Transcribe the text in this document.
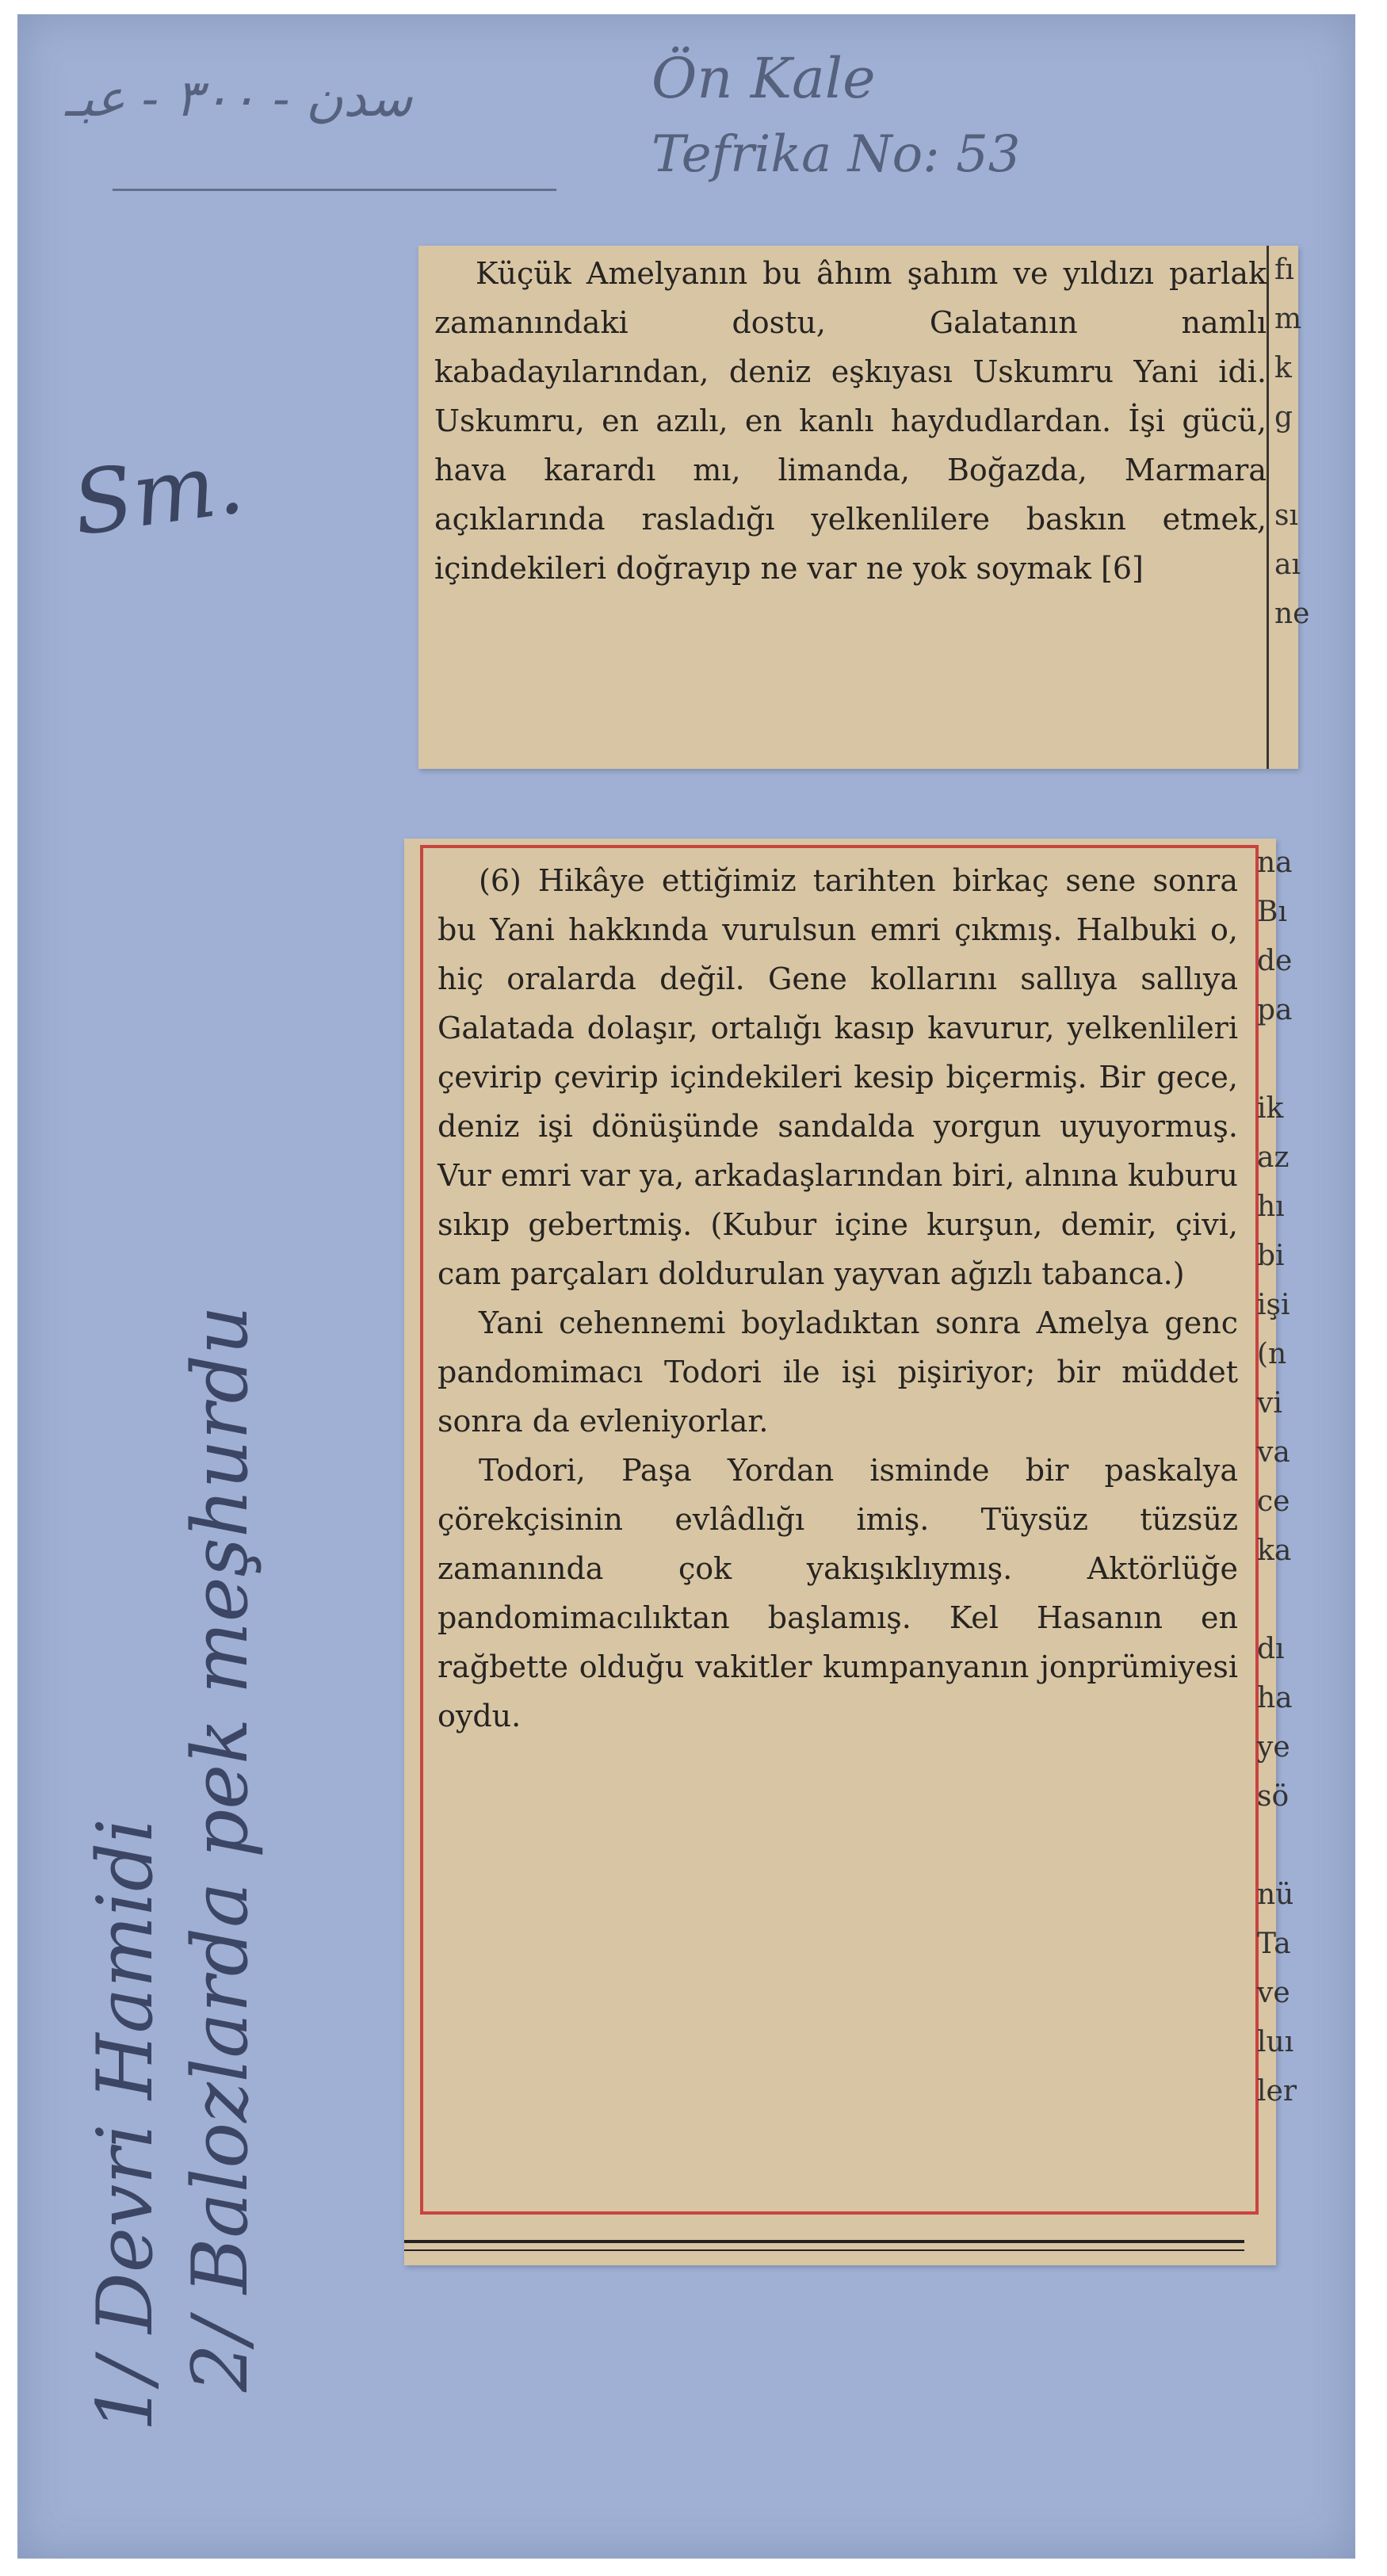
سدن - ۳۰۰ - عبـ	Ön Kale
Tefrika No: 53
Sm.

Küçük Amelyanın bu âhım şahım ve yıldızı parlak zamanındaki dostu, Galatanın namlı kabadayılarından, deniz eşkıyası Uskumru Yani idi. Uskumru, en azılı, en kanlı haydudlardan. İşi gücü, hava karardı mı, limanda, Boğazda, Marmara açıklarında rasladığı yelkenlilere baskın etmek, içindekileri doğrayıp ne var ne yok soymak [6]

fı
m
k
g

sı
aı
ne

(6) Hikâye ettiğimiz tarihten birkaç sene sonra bu Yani hakkında vurulsun emri çıkmış. Halbuki o, hiç oralarda değil. Gene kollarını sallıya sallıya Galatada dolaşır, ortalığı kasıp kavurur, yelkenlileri çevirip çevirip içindekileri kesip biçermiş. Bir gece, deniz işi dönüşünde sandalda yorgun uyuyormuş. Vur emri var ya, arkadaşlarından biri, alnına kuburu sıkıp gebertmiş. (Kubur içine kurşun, demir, çivi, cam parçaları doldurulan yayvan ağızlı tabanca.)

Yani cehennemi boyladıktan sonra Amelya genc pandomimacı Todori ile işi pişiriyor; bir müddet sonra da evleniyorlar.

Todori, Paşa Yordan isminde bir paskalya çörekçisinin evlâdlığı imiş. Tüysüz tüzsüz zamanında çok yakışıklıymış. Aktörlüğe pandomimacılıktan başlamış. Kel Hasanın en rağbette olduğu vakitler kumpanyanın jonprümiyesi oydu.

na
Bı
de
pa

ik
az
hı
bi
işi
(n
vi
va
ce
ka

dı
ha
ye
sö

nü
Ta
ve
luı
ler
1/ Devri Hamidi 2/ Balozlarda pek meşhurdu
